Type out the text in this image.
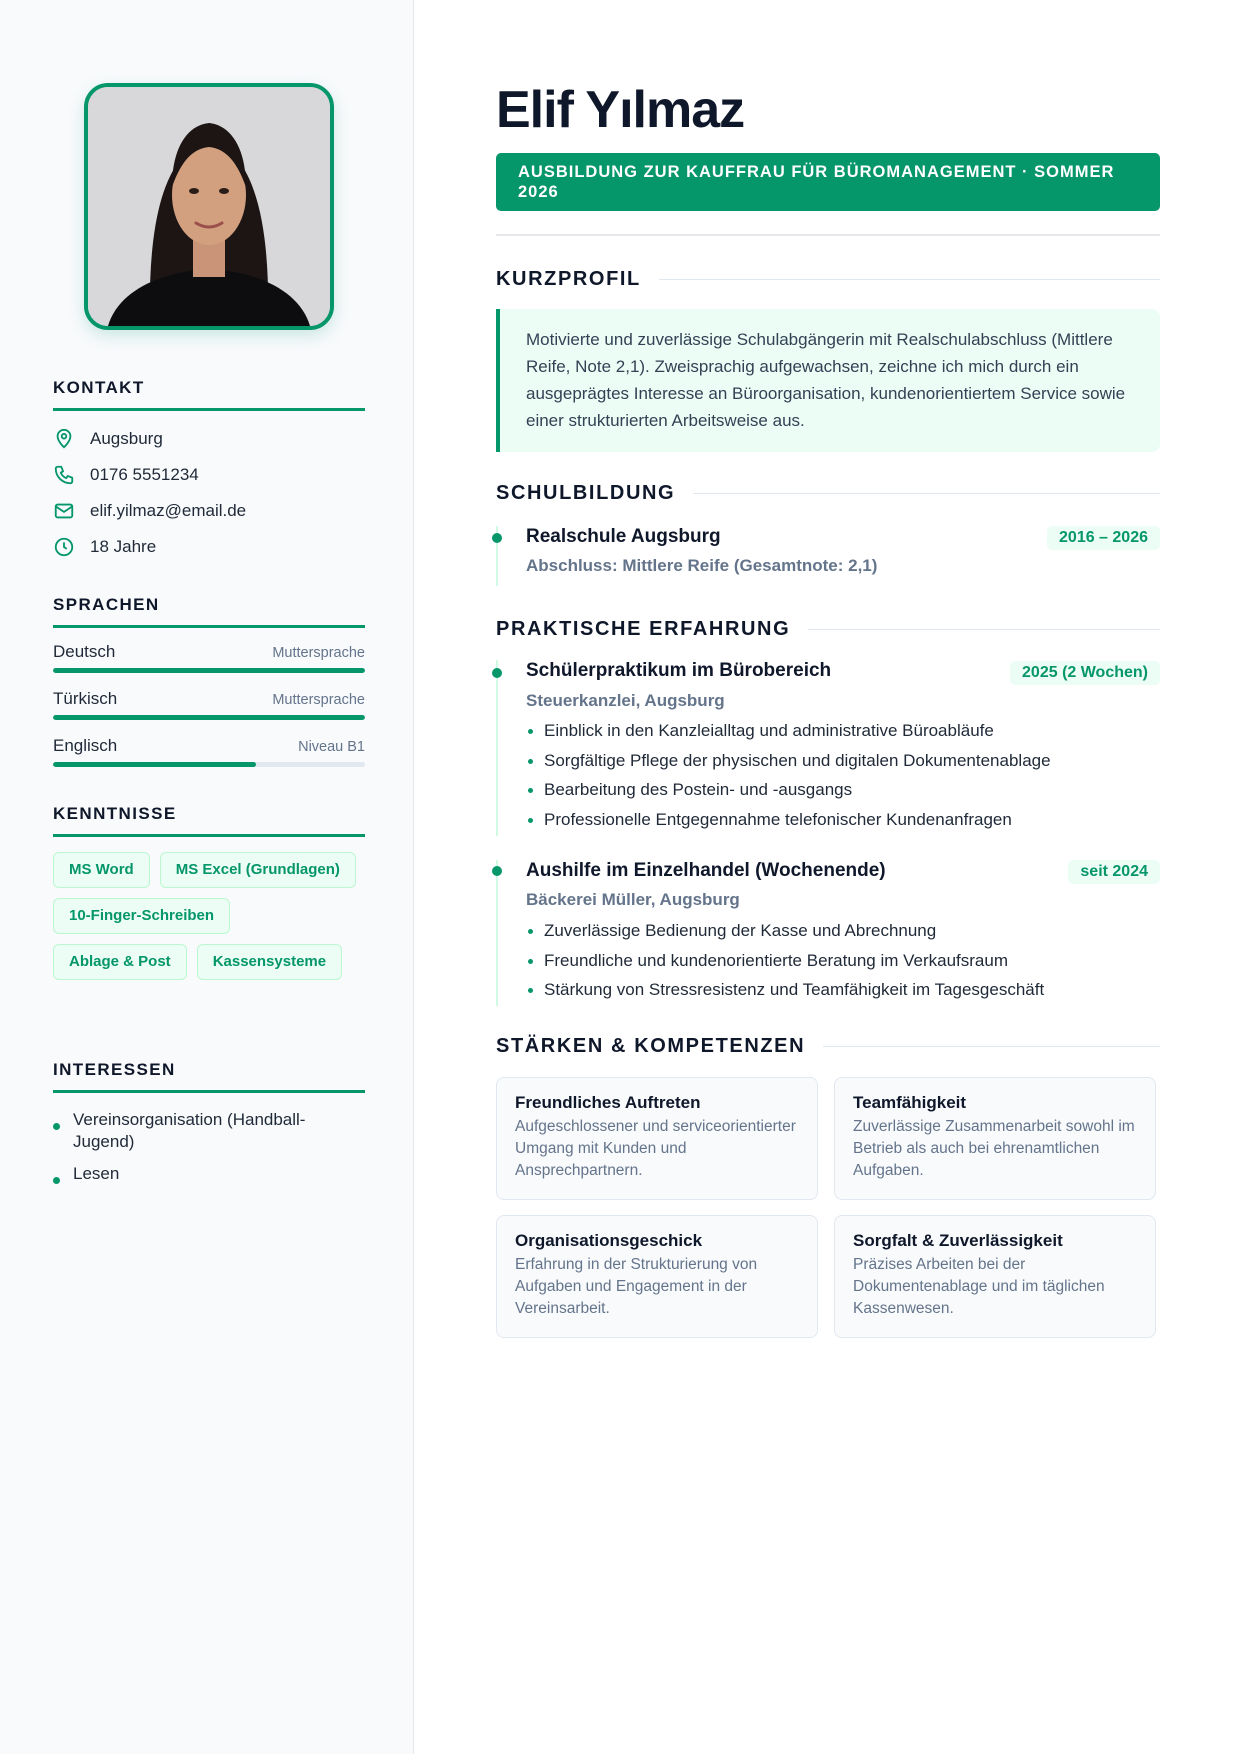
KONTAKT
Augsburg
0176 5551234
elif.yilmaz@email.de
18 Jahre
SPRACHEN
Deutsch	Muttersprache
Türkisch	Muttersprache
Englisch	Niveau B1
KENNTNISSE
MS Word	MS Excel (Grundlagen)
10-Finger-Schreiben
Ablage & Post	Kassensysteme
INTERESSEN
Vereinsorganisation (Handball-Jugend)
Lesen
Elif Yılmaz
AUSBILDUNG ZUR KAUFFRAU FÜR BÜROMANAGEMENT · SOMMER 2026
KURZPROFIL
Motivierte und zuverlässige Schulabgängerin mit Realschulabschluss (Mittlere Reife, Note 2,1). Zweisprachig aufgewachsen, zeichne ich mich durch ein ausgeprägtes Interesse an Büroorganisation, kundenorientiertem Service sowie einer strukturierten Arbeitsweise aus.
SCHULBILDUNG
Realschule Augsburg	2016 – 2026
Abschluss: Mittlere Reife (Gesamtnote: 2,1)
PRAKTISCHE ERFAHRUNG
Schülerpraktikum im Bürobereich	2025 (2 Wochen)
Steuerkanzlei, Augsburg
Einblick in den Kanzleialltag und administrative Büroabläufe
Sorgfältige Pflege der physischen und digitalen Dokumentenablage
Bearbeitung des Postein- und -ausgangs
Professionelle Entgegennahme telefonischer Kundenanfragen
Aushilfe im Einzelhandel (Wochenende)	seit 2024
Bäckerei Müller, Augsburg
Zuverlässige Bedienung der Kasse und Abrechnung
Freundliche und kundenorientierte Beratung im Verkaufsraum
Stärkung von Stressresistenz und Teamfähigkeit im Tagesgeschäft
STÄRKEN & KOMPETENZEN
Freundliches Auftreten
Aufgeschlossener und serviceorientierter Umgang mit Kunden und Ansprechpartnern.
Teamfähigkeit
Zuverlässige Zusammenarbeit sowohl im Betrieb als auch bei ehrenamtlichen Aufgaben.
Organisationsgeschick
Erfahrung in der Strukturierung von Aufgaben und Engagement in der Vereinsarbeit.
Sorgfalt & Zuverlässigkeit
Präzises Arbeiten bei der Dokumentenablage und im täglichen Kassenwesen.
